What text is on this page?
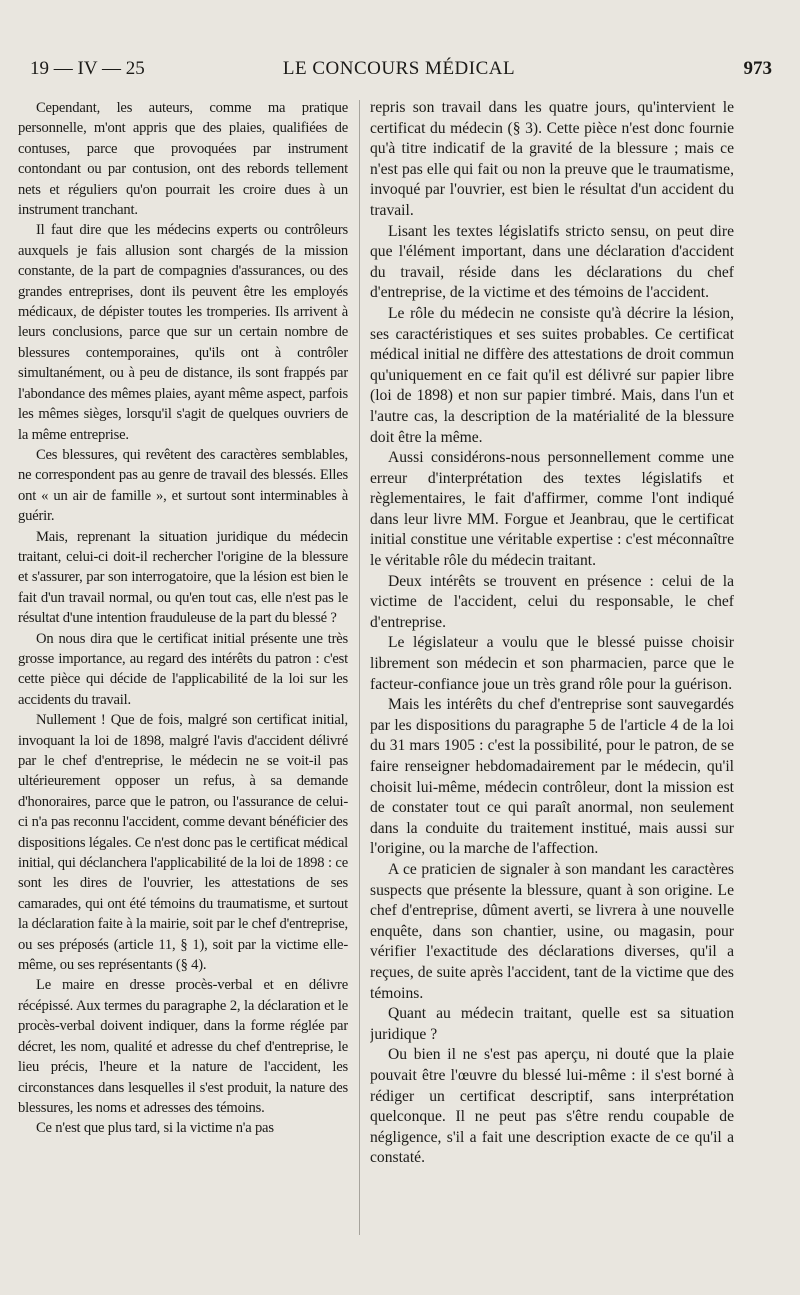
19 — IV — 25	LE CONCOURS MÉDICAL	973

Cependant, les auteurs, comme ma pratique personnelle, m'ont appris que des plaies, qualifiées de contuses, parce que provoquées par instrument contondant ou par contusion, ont des rebords tellement nets et réguliers qu'on pourrait les croire dues à un instrument tranchant.

Il faut dire que les médecins experts ou contrôleurs auxquels je fais allusion sont chargés de la mission constante, de la part de compagnies d'assurances, ou des grandes entreprises, dont ils peuvent être les employés médicaux, de dépister toutes les tromperies. Ils arrivent à leurs conclusions, parce que sur un certain nombre de blessures contemporaines, qu'ils ont à contrôler simultanément, ou à peu de distance, ils sont frappés par l'abondance des mêmes plaies, ayant même aspect, parfois les mêmes sièges, lorsqu'il s'agit de quelques ouvriers de la même entreprise.

Ces blessures, qui revêtent des caractères semblables, ne correspondent pas au genre de travail des blessés. Elles ont « un air de famille », et surtout sont interminables à guérir.

Mais, reprenant la situation juridique du médecin traitant, celui-ci doit-il rechercher l'origine de la blessure et s'assurer, par son interrogatoire, que la lésion est bien le fait d'un travail normal, ou qu'en tout cas, elle n'est pas le résultat d'une intention frauduleuse de la part du blessé ?

On nous dira que le certificat initial présente une très grosse importance, au regard des intérêts du patron : c'est cette pièce qui décide de l'applicabilité de la loi sur les accidents du travail.

Nullement ! Que de fois, malgré son certificat initial, invoquant la loi de 1898, malgré l'avis d'accident délivré par le chef d'entreprise, le médecin ne se voit-il pas ultérieurement opposer un refus, à sa demande d'honoraires, parce que le patron, ou l'assurance de celui-ci n'a pas reconnu l'accident, comme devant bénéficier des dispositions légales. Ce n'est donc pas le certificat médical initial, qui déclanchera l'applicabilité de la loi de 1898 : ce sont les dires de l'ouvrier, les attestations de ses camarades, qui ont été témoins du traumatisme, et surtout la déclaration faite à la mairie, soit par le chef d'entreprise, ou ses préposés (article 11, § 1), soit par la victime elle-même, ou ses représentants (§ 4).

Le maire en dresse procès-verbal et en délivre récépissé. Aux termes du paragraphe 2, la déclaration et le procès-verbal doivent indiquer, dans la forme réglée par décret, les nom, qualité et adresse du chef d'entreprise, le lieu précis, l'heure et la nature de l'accident, les circonstances dans lesquelles il s'est produit, la nature des blessures, les noms et adresses des témoins.

Ce n'est que plus tard, si la victime n'a pas

repris son travail dans les quatre jours, qu'intervient le certificat du médecin (§ 3). Cette pièce n'est donc fournie qu'à titre indicatif de la gravité de la blessure ; mais ce n'est pas elle qui fait ou non la preuve que le traumatisme, invoqué par l'ouvrier, est bien le résultat d'un accident du travail.

Lisant les textes législatifs stricto sensu, on peut dire que l'élément important, dans une déclaration d'accident du travail, réside dans les déclarations du chef d'entreprise, de la victime et des témoins de l'accident.

Le rôle du médecin ne consiste qu'à décrire la lésion, ses caractéristiques et ses suites probables. Ce certificat médical initial ne diffère des attestations de droit commun qu'uniquement en ce fait qu'il est délivré sur papier libre (loi de 1898) et non sur papier timbré. Mais, dans l'un et l'autre cas, la description de la matérialité de la blessure doit être la même.

Aussi considérons-nous personnellement comme une erreur d'interprétation des textes législatifs et règlementaires, le fait d'affirmer, comme l'ont indiqué dans leur livre MM. Forgue et Jeanbrau, que le certificat initial constitue une véritable expertise : c'est méconnaître le véritable rôle du médecin traitant.

Deux intérêts se trouvent en présence : celui de la victime de l'accident, celui du responsable, le chef d'entreprise.

Le législateur a voulu que le blessé puisse choisir librement son médecin et son pharmacien, parce que le facteur-confiance joue un très grand rôle pour la guérison.

Mais les intérêts du chef d'entreprise sont sauvegardés par les dispositions du paragraphe 5 de l'article 4 de la loi du 31 mars 1905 : c'est la possibilité, pour le patron, de se faire renseigner hebdomadairement par le médecin, qu'il choisit lui-même, médecin contrôleur, dont la mission est de constater tout ce qui paraît anormal, non seulement dans la conduite du traitement institué, mais aussi sur l'origine, ou la marche de l'affection.

A ce praticien de signaler à son mandant les caractères suspects que présente la blessure, quant à son origine. Le chef d'entreprise, dûment averti, se livrera à une nouvelle enquête, dans son chantier, usine, ou magasin, pour vérifier l'exactitude des déclarations diverses, qu'il a reçues, de suite après l'accident, tant de la victime que des témoins.

Quant au médecin traitant, quelle est sa situation juridique ?

Ou bien il ne s'est pas aperçu, ni douté que la plaie pouvait être l'œuvre du blessé lui-même : il s'est borné à rédiger un certificat descriptif, sans interprétation quelconque. Il ne peut pas s'être rendu coupable de négligence, s'il a fait une description exacte de ce qu'il a constaté.
